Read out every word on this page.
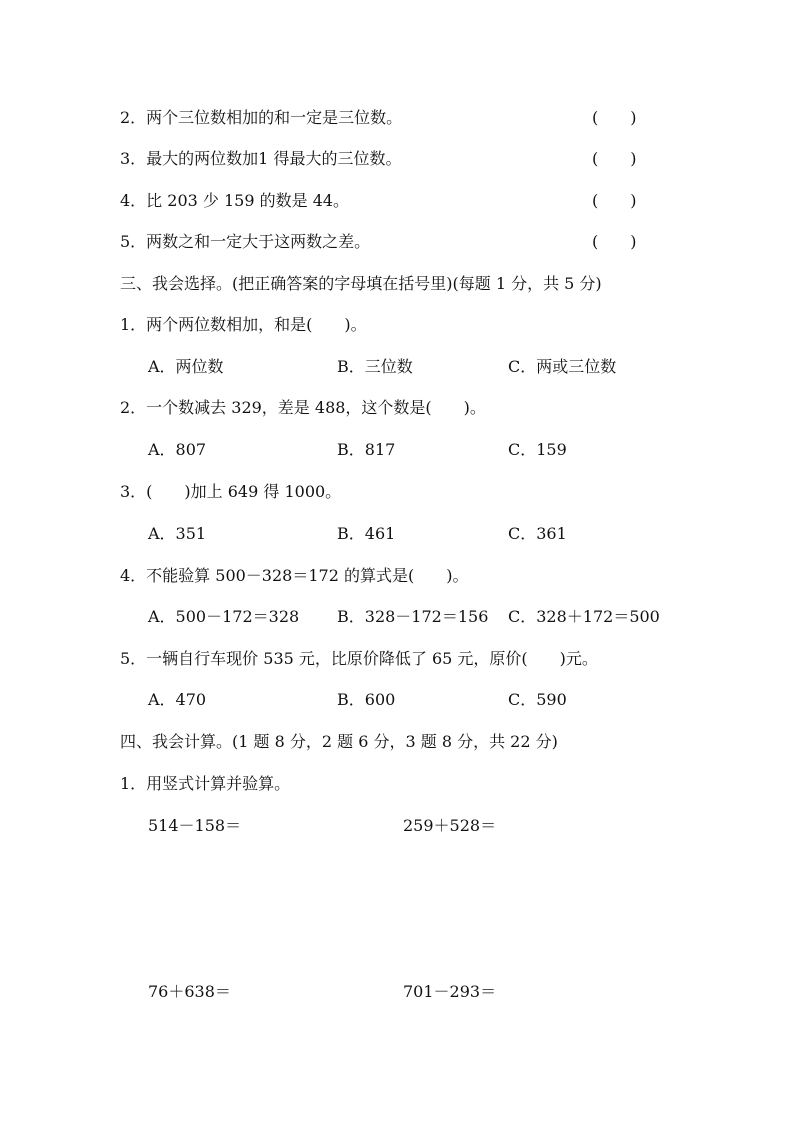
2．两个三位数相加的和一定是三位数。	(　　)
3．最大的两位数加1 得最大的三位数。	(　　)
4．比 203 少 159 的数是 44。	(　　)
5．两数之和一定大于这两数之差。	(　　)
三、我会选择。(把正确答案的字母填在括号里)(每题 1 分，共 5 分)
1．两个两位数相加，和是(　　)。
A．两位数	B．三位数	C．两或三位数
2．一个数减去 329，差是 488，这个数是(　　)。
A．807	B．817	C．159
3．(　　)加上 649 得 1000。
A．351	B．461	C．361
4．不能验算 500－328＝172 的算式是(　　)。
A．500－172＝328 B．328－172＝156 C．328＋172＝500
5．一辆自行车现价 535 元，比原价降低了 65 元，原价(　　)元。
A．470	B．600	C．590
四、我会计算。(1 题 8 分，2 题 6 分，3 题 8 分，共 22 分)
1．用竖式计算并验算。
514－158＝	259＋528＝
76＋638＝	701－293＝
